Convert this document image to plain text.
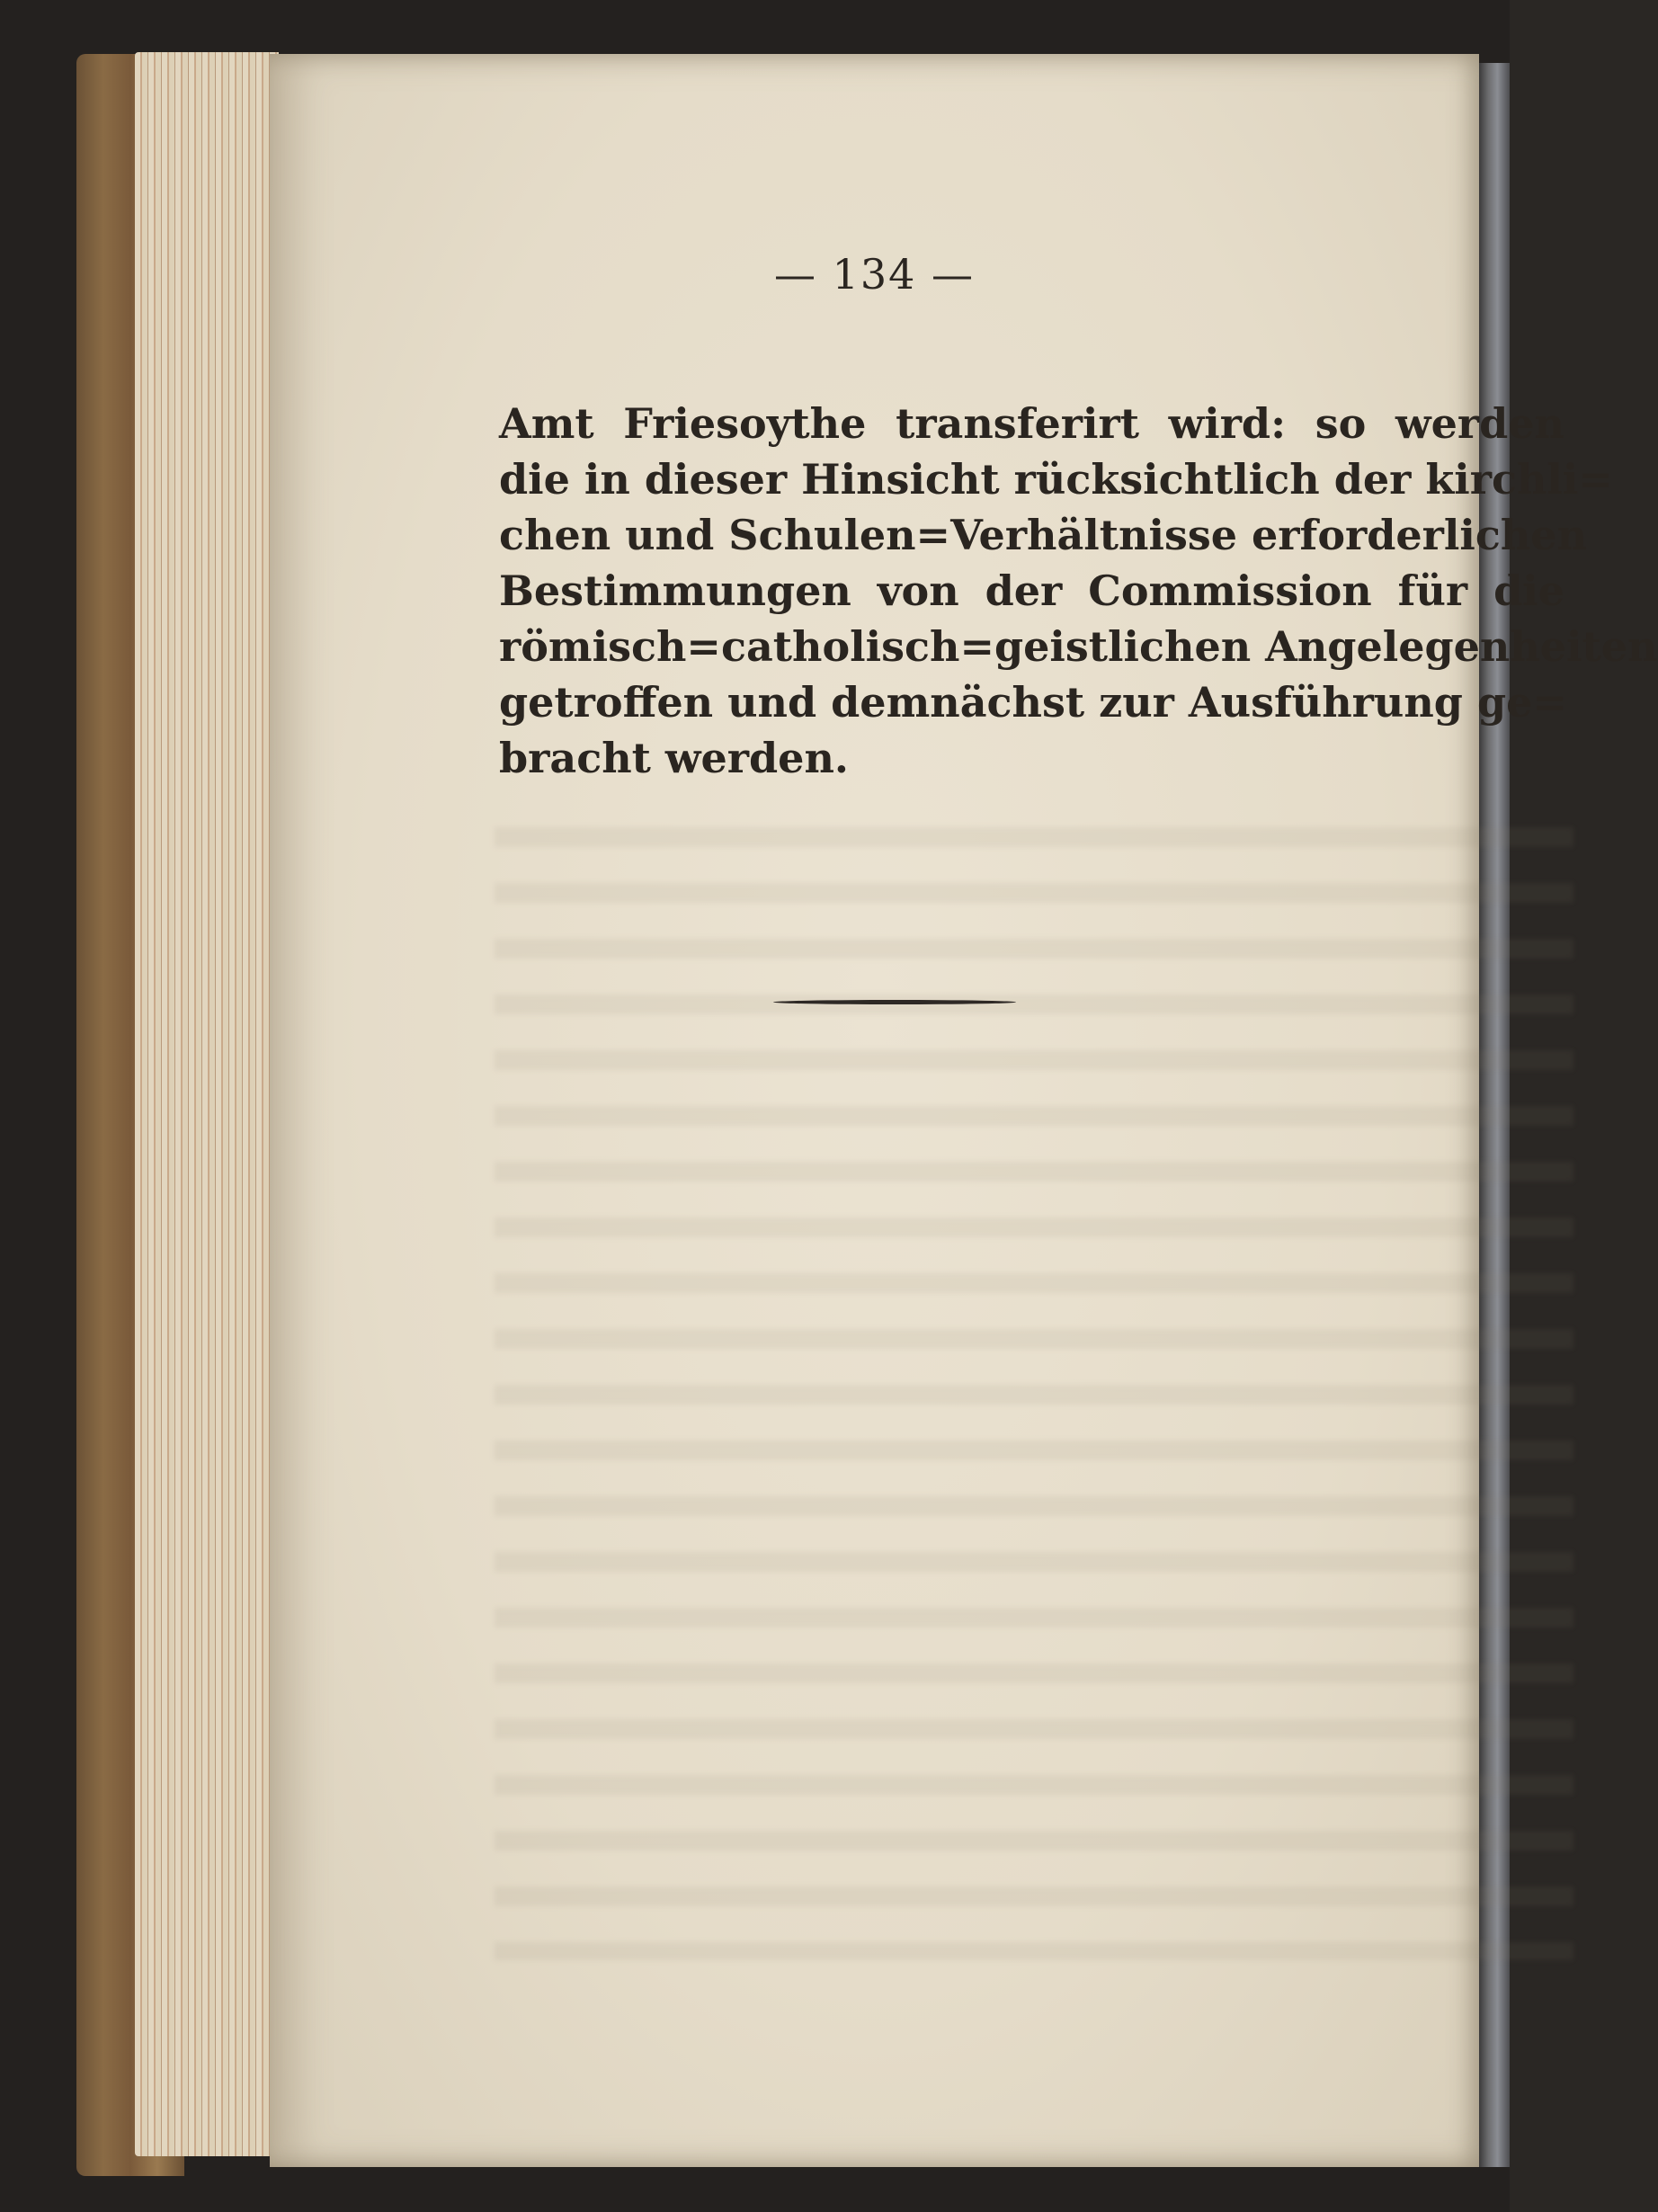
— 134 —
Amt Friesoythe transferirt wird: so werden
die in dieser Hinsicht rücksichtlich der kirchli=
chen und Schulen=Verhältnisse erforderlichen
Bestimmungen von der Commission für die
römisch=catholisch=geistlichen Angelegenheiten
getroffen und demnächst zur Ausführung ge=
bracht werden.
